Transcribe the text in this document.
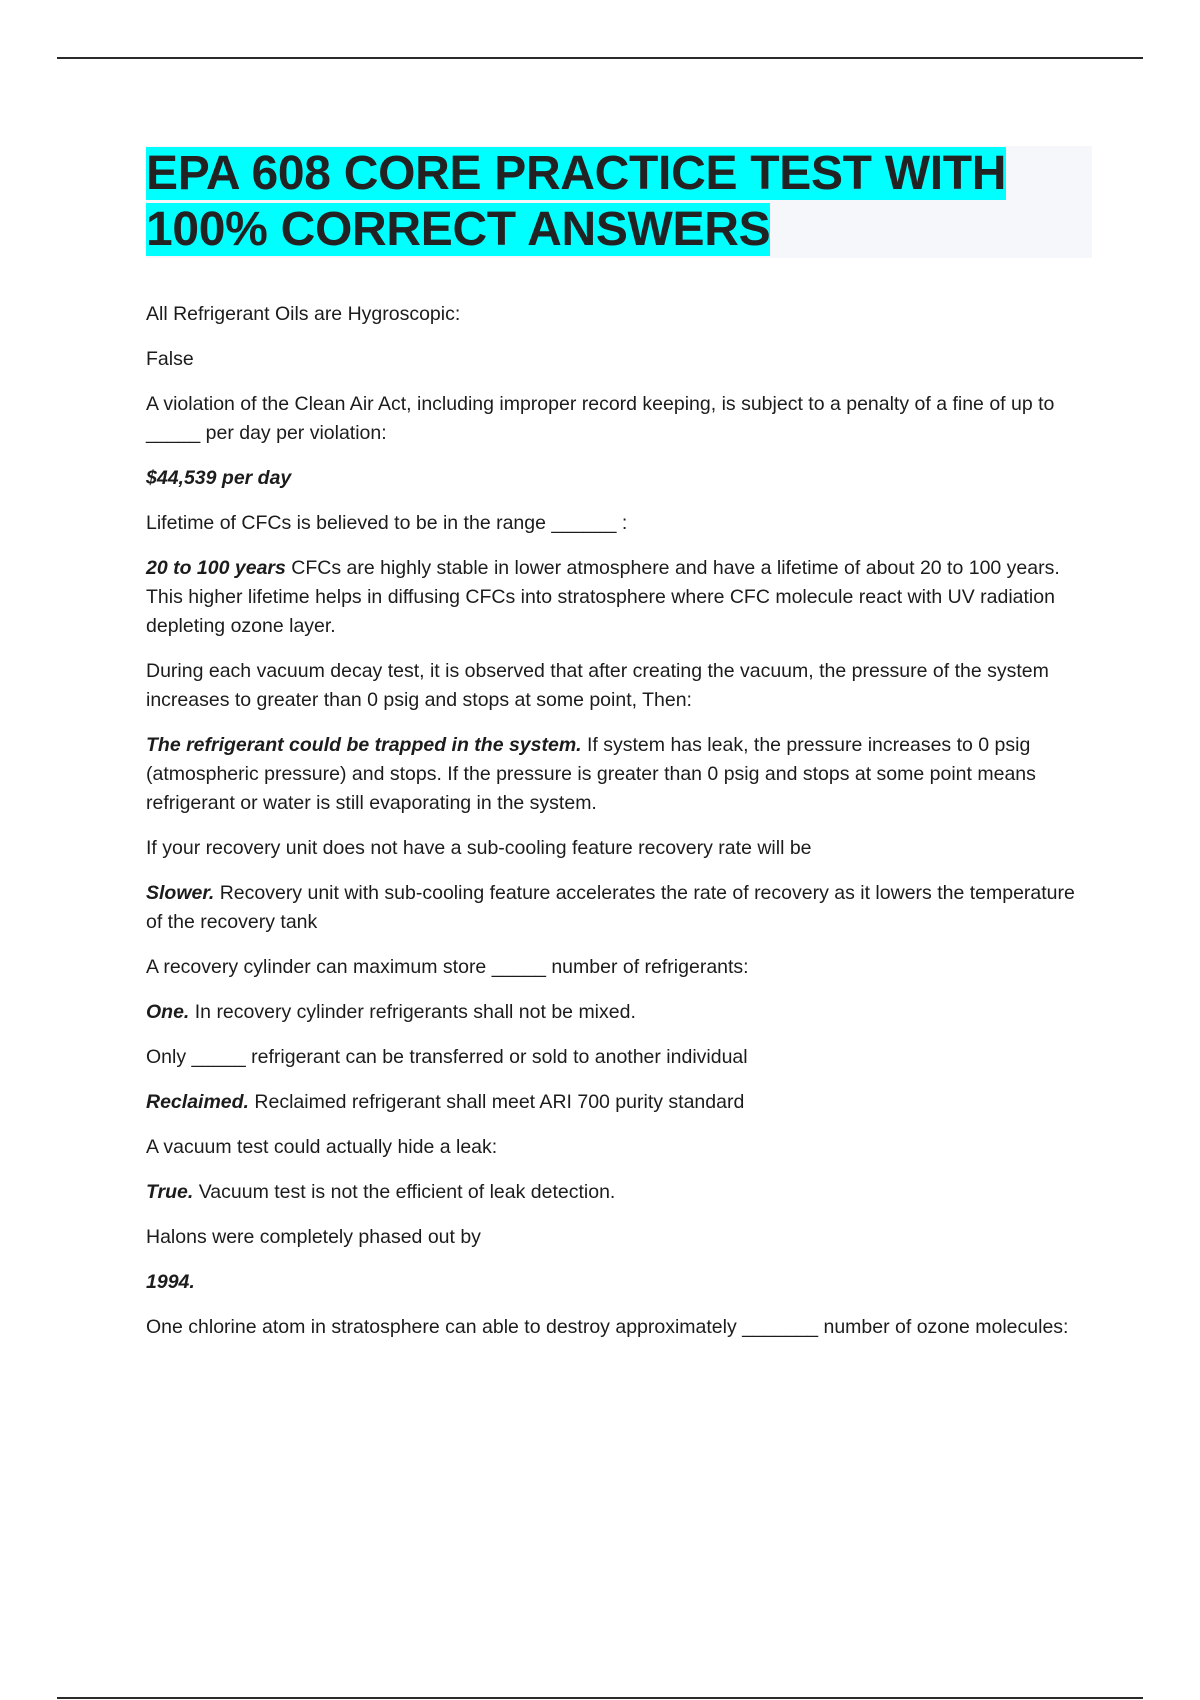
EPA 608 CORE PRACTICE TEST WITH
100% CORRECT ANSWERS

All Refrigerant Oils are Hygroscopic:

False

A violation of the Clean Air Act, including improper record keeping, is subject to a penalty of a fine of up to _____ per day per violation:

$44,539 per day

Lifetime of CFCs is believed to be in the range ______ :

20 to 100 years CFCs are highly stable in lower atmosphere and have a lifetime of about 20 to 100 years. This higher lifetime helps in diffusing CFCs into stratosphere where CFC molecule react with UV radiation depleting ozone layer.

During each vacuum decay test, it is observed that after creating the vacuum, the pressure of the system increases to greater than 0 psig and stops at some point, Then:

The refrigerant could be trapped in the system. If system has leak, the pressure increases to 0 psig (atmospheric pressure) and stops. If the pressure is greater than 0 psig and stops at some point means refrigerant or water is still evaporating in the system.

If your recovery unit does not have a sub-cooling feature recovery rate will be

Slower. Recovery unit with sub-cooling feature accelerates the rate of recovery as it lowers the temperature of the recovery tank

A recovery cylinder can maximum store _____ number of refrigerants:

One. In recovery cylinder refrigerants shall not be mixed.

Only _____ refrigerant can be transferred or sold to another individual

Reclaimed. Reclaimed refrigerant shall meet ARI 700 purity standard

A vacuum test could actually hide a leak:

True. Vacuum test is not the efficient of leak detection.

Halons were completely phased out by

1994.

One chlorine atom in stratosphere can able to destroy approximately _______ number of ozone molecules:
